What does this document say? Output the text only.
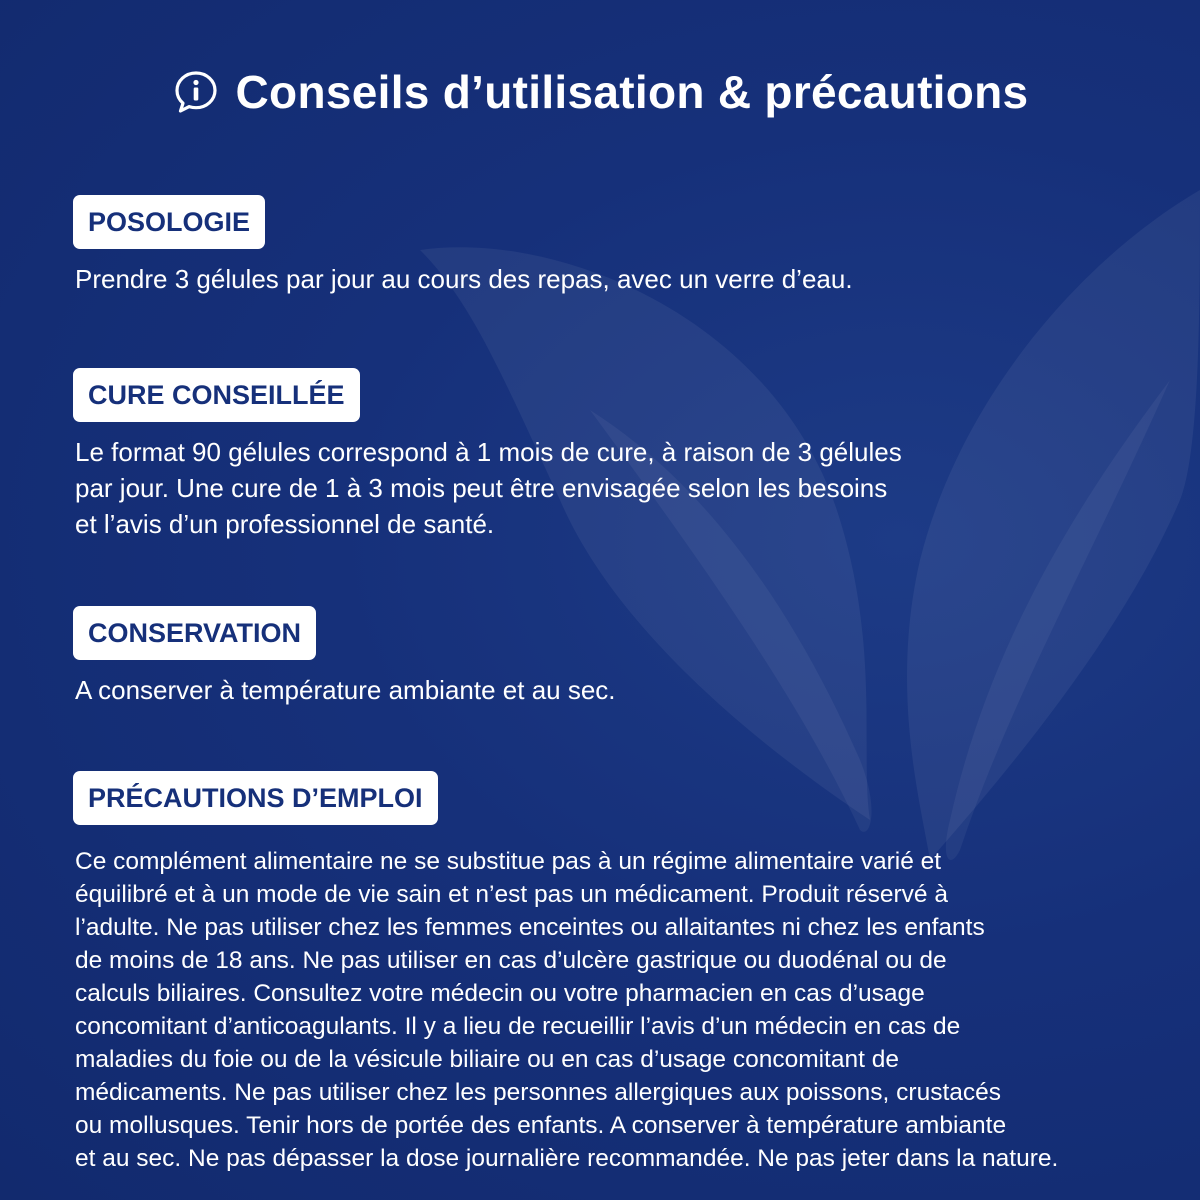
Conseils d’utilisation & précautions
POSOLOGIE
Prendre 3 gélules par jour au cours des repas, avec un verre d’eau.
CURE CONSEILLÉE
Le format 90 gélules correspond à 1 mois de cure, à raison de 3 gélules
par jour. Une cure de 1 à 3 mois peut être envisagée selon les besoins
et l’avis d’un professionnel de santé.
CONSERVATION
A conserver à température ambiante et au sec.
PRÉCAUTIONS D’EMPLOI
Ce complément alimentaire ne se substitue pas à un régime alimentaire varié et
équilibré et à un mode de vie sain et n’est pas un médicament. Produit réservé à
l’adulte. Ne pas utiliser chez les femmes enceintes ou allaitantes ni chez les enfants
de moins de 18 ans. Ne pas utiliser en cas d’ulcère gastrique ou duodénal ou de
calculs biliaires. Consultez votre médecin ou votre pharmacien en cas d’usage
concomitant d’anticoagulants. Il y a lieu de recueillir l’avis d’un médecin en cas de
maladies du foie ou de la vésicule biliaire ou en cas d’usage concomitant de
médicaments. Ne pas utiliser chez les personnes allergiques aux poissons, crustacés
ou mollusques. Tenir hors de portée des enfants. A conserver à température ambiante
et au sec. Ne pas dépasser la dose journalière recommandée. Ne pas jeter dans la nature.
